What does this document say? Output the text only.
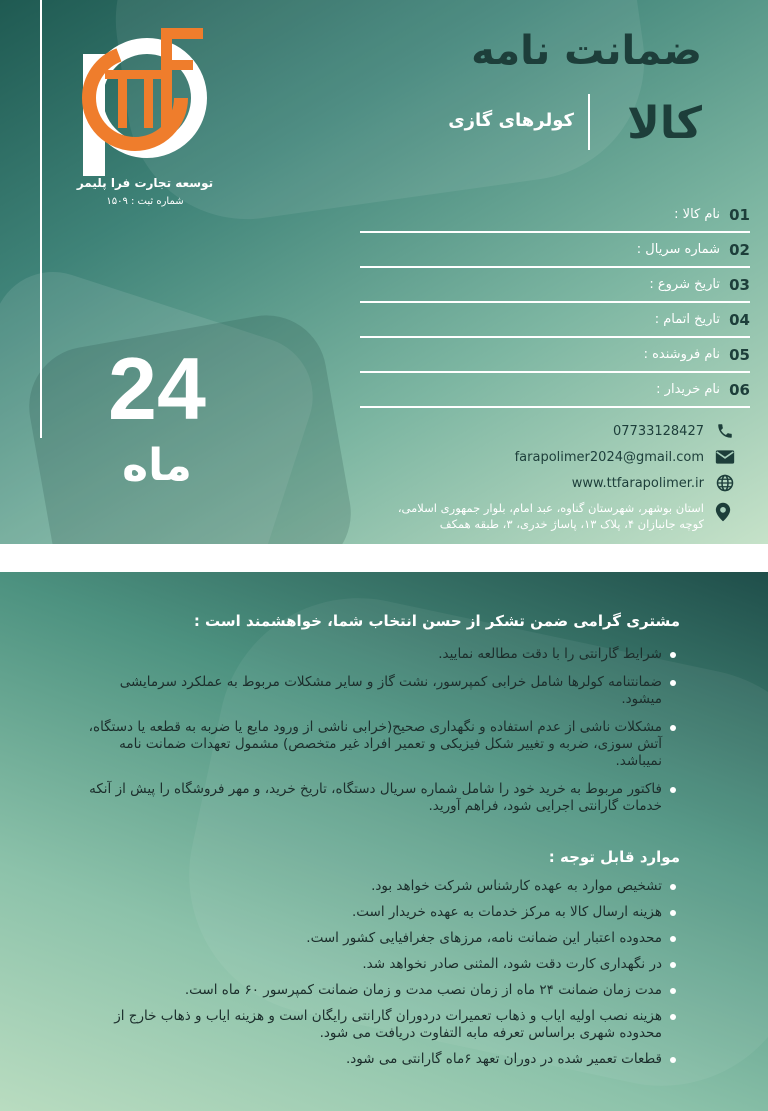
توسعه تجارت فرا پلیمر
شماره ثبت : ۱۵۰۹
ضمانت نامه
کالا
کولرهای گازی
01
نام کالا :
02
شماره سریال :
03
تاریخ شروع :
04
تاریخ اتمام :
05
نام فروشنده :
06
نام خریدار :
24
ماه
07733128427
farapolimer2024@gmail.com
www.ttfarapolimer.ir
استان بوشهر، شهرستان گناوه، عبد امام، بلوار جمهوری اسلامی،
کوچه جانبازان ۴، پلاک ۱۳، پاساژ خدری، ۳، طبقه همکف
مشتری گرامی ضمن تشکر از حسن انتخاب شما، خواهشمند است :
شرایط گارانتی را با دقت مطالعه نمایید.
ضمانتنامه کولرها شامل خرابی کمپرسور، نشت گاز و سایر مشکلات مربوط به عملکرد سرمایشی میشود.
مشکلات ناشی از عدم استفاده و نگهداری صحیح(خرابی ناشی از ورود مایع یا ضربه به قطعه یا دستگاه، آتش سوزی، ضربه و تغییر شکل فیزیکی و تعمیر افراد غیر متخصص) مشمول تعهدات ضمانت نامه نمیباشد.
فاکتور مربوط به خرید خود را شامل شماره سریال دستگاه، تاریخ خرید، و مهر فروشگاه را پیش از آنکه خدمات گارانتی اجرایی شود، فراهم آورید.
موارد قابل توجه :
تشخیص موارد به عهده کارشناس شرکت خواهد بود.
هزینه ارسال کالا به مرکز خدمات به عهده خریدار است.
محدوده اعتبار این ضمانت نامه، مرزهای جغرافیایی کشور است.
در نگهداری کارت دقت شود، المثنی صادر نخواهد شد.
مدت زمان ضمانت ۲۴ ماه از زمان نصب مدت و زمان ضمانت کمپرسور ۶۰ ماه است.
هزینه نصب اولیه ایاب و ذهاب تعمیرات دردوران گارانتی رایگان است و هزینه ایاب و ذهاب خارج از محدوده شهری براساس تعرفه مابه التفاوت دریافت می شود.
قطعات تعمیر شده در دوران تعهد ۶ماه گارانتی می شود.
